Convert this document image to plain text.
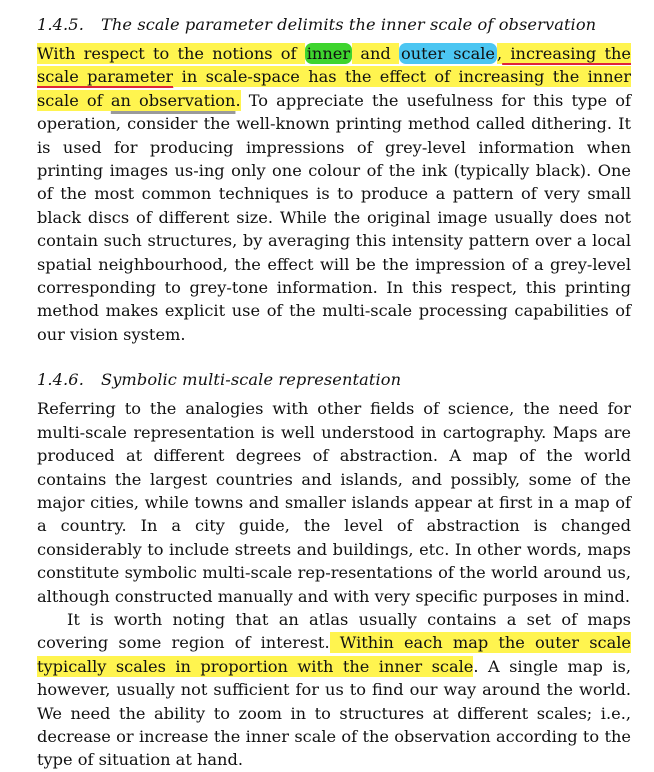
1.4.5. The scale parameter delimits the inner scale of observation

With respect to the notions of inner and outer scale , increasing the scale parameter in scale-space has the effect of increasing the inner scale of an observation. To appreciate the usefulness for this type of operation, consider the well-known printing method called dithering. It is used for producing impressions of grey-level information when printing images us-ing only one colour of the ink (typically black). One of the most common techniques is to produce a pattern of very small black discs of different size. While the original image usually does not contain such structures, by averaging this intensity pattern over a local spatial neighbourhood, the effect will be the impression of a grey-level corresponding to grey-tone information. In this respect, this printing method makes explicit use of the multi-scale processing capabilities of our vision system.

1.4.6. Symbolic multi-scale representation

Referring to the analogies with other fields of science, the need for multi-scale representation is well understood in cartography. Maps are produced at different degrees of abstraction. A map of the world contains the largest countries and islands, and possibly, some of the major cities, while towns and smaller islands appear at first in a map of a country. In a city guide, the level of abstraction is changed considerably to include streets and buildings, etc. In other words, maps constitute symbolic multi-scale rep-resentations of the world around us, although constructed manually and with very specific purposes in mind.

It is worth noting that an atlas usually contains a set of maps covering some region of interest. Within each map the outer scale typically scales in proportion with the inner scale. A single map is, however, usually not sufficient for us to find our way around the world. We need the ability to zoom in to structures at different scales; i.e., decrease or increase the inner scale of the observation according to the type of situation at hand.
